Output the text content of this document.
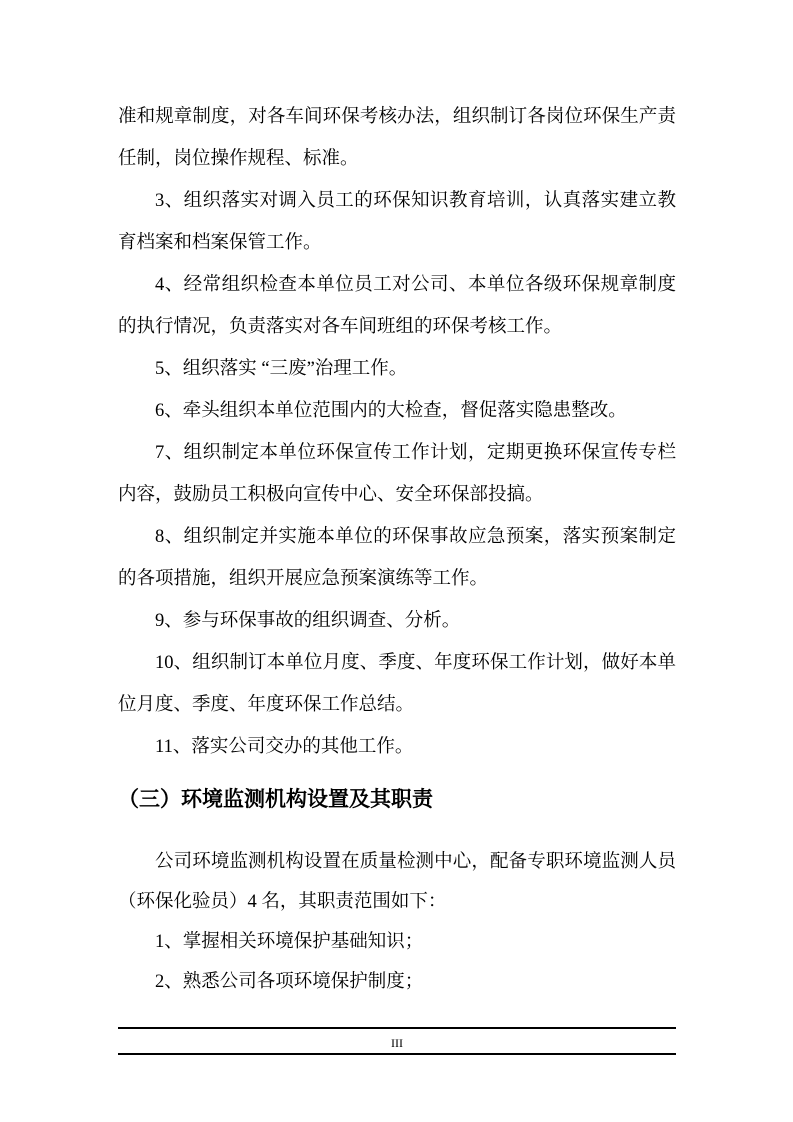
准和规章制度，对各车间环保考核办法，组织制订各岗位环保生产责
任制，岗位操作规程、标准。
3、组织落实对调入员工的环保知识教育培训，认真落实建立教
育档案和档案保管工作。
4、经常组织检查本单位员工对公司、本单位各级环保规章制度
的执行情况，负责落实对各车间班组的环保考核工作。
5、组织落实 “三废”治理工作。
6、牵头组织本单位范围内的大检查，督促落实隐患整改。
7、组织制定本单位环保宣传工作计划，定期更换环保宣传专栏
内容，鼓励员工积极向宣传中心、安全环保部投搞。
8、组织制定并实施本单位的环保事故应急预案，落实预案制定
的各项措施，组织开展应急预案演练等工作。
9、参与环保事故的组织调查、分析。
10、组织制订本单位月度、季度、年度环保工作计划，做好本单
位月度、季度、年度环保工作总结。
11、落实公司交办的其他工作。
（三）环境监测机构设置及其职责
公司环境监测机构设置在质量检测中心，配备专职环境监测人员
（环保化验员）4 名，其职责范围如下：
1、掌握相关环境保护基础知识；
2、熟悉公司各项环境保护制度；
III
